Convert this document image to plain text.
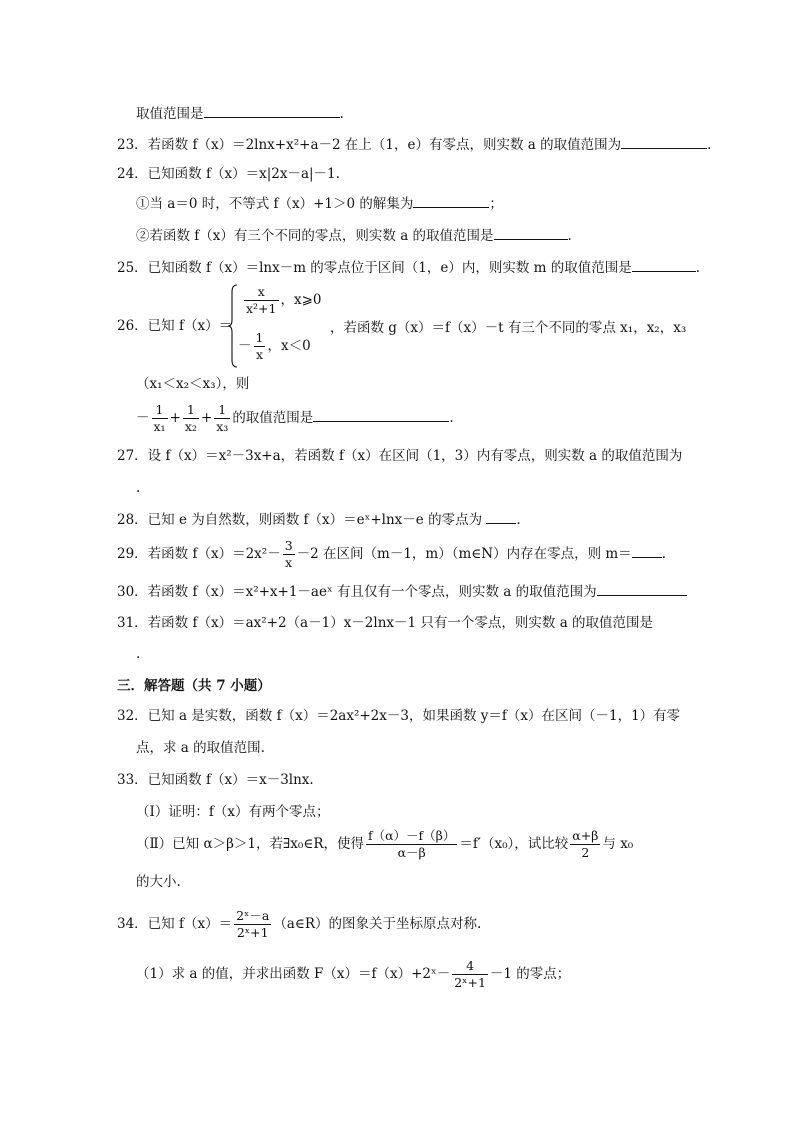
取值范围是	.
23．若函数 f（x）＝2lnx+x²+a－2 在上（1，e）有零点，则实数 a 的取值范围为	.
24．已知函数 f（x）＝x|2x－a|－1.
①当 a＝0 时，不等式 f（x）+1＞0 的解集为	；
②若函数 f（x）有三个不同的零点，则实数 a 的取值范围是	.
25．已知函数 f（x）＝lnx－m 的零点位于区间（1，e）内，则实数 m 的取值范围是	.
26．已知 f（x）＝
$\frac{x}{\text{x²+1}}$ ，x⩾0
－ $\frac{1}{x}$ ，x＜0
，若函数 g（x）＝f（x）－t 有三个不同的零点 x₁，x₂，x₃
（x₁＜x₂＜x₃），则
－ $\frac{1}{\text{x₁}} + \frac{1}{\text{x₂}} + \frac{1}{\text{x₃}}$ 的取值范围是	.
27．设 f（x）＝x²－3x+a，若函数 f（x）在区间（1，3）内有零点，则实数 a 的取值范围为
.
28．已知 e 为自然数，则函数 f（x）＝eˣ+lnx－e 的零点为	.
29．若函数 $f(x)=2x^2- \frac{3}{x} -2$ 在区间（m－1，m）（m∈N）内存在零点，则 m＝ .
30．若函数 f（x）＝x²+x+1－aeˣ 有且仅有一个零点，则实数 a 的取值范围为
31．若函数 f（x）＝ax²+2（a－1）x－2lnx－1 只有一个零点，则实数 a 的取值范围是
.
三．解答题（共 7 小题）
32．已知 a 是实数，函数 f（x）＝2ax²+2x－3，如果函数 y＝f（x）在区间（－1，1）有零
点，求 a 的取值范围.
33．已知函数 f（x）＝x－3lnx.
（Ⅰ）证明：f（x）有两个零点；
（Ⅱ）已知 α＞β＞1，若∃x₀∈R，使得 $\frac{f(\alpha)-f(\beta)}{\alpha-\beta} =f'(x_0)$，试比较 $\frac{\alpha+\beta}{2}$ 与 x₀
的大小.
34．已知 $f(x)= \frac{\text{2ˣ－a}}{\text{2ˣ+1}}$ （a∈R）的图象关于坐标原点对称.
（1）求 a 的值，并求出函数 F（x）＝f（x）+2ˣ－ $\frac{4}{\text{2ˣ+1}} -1$ 的零点；
